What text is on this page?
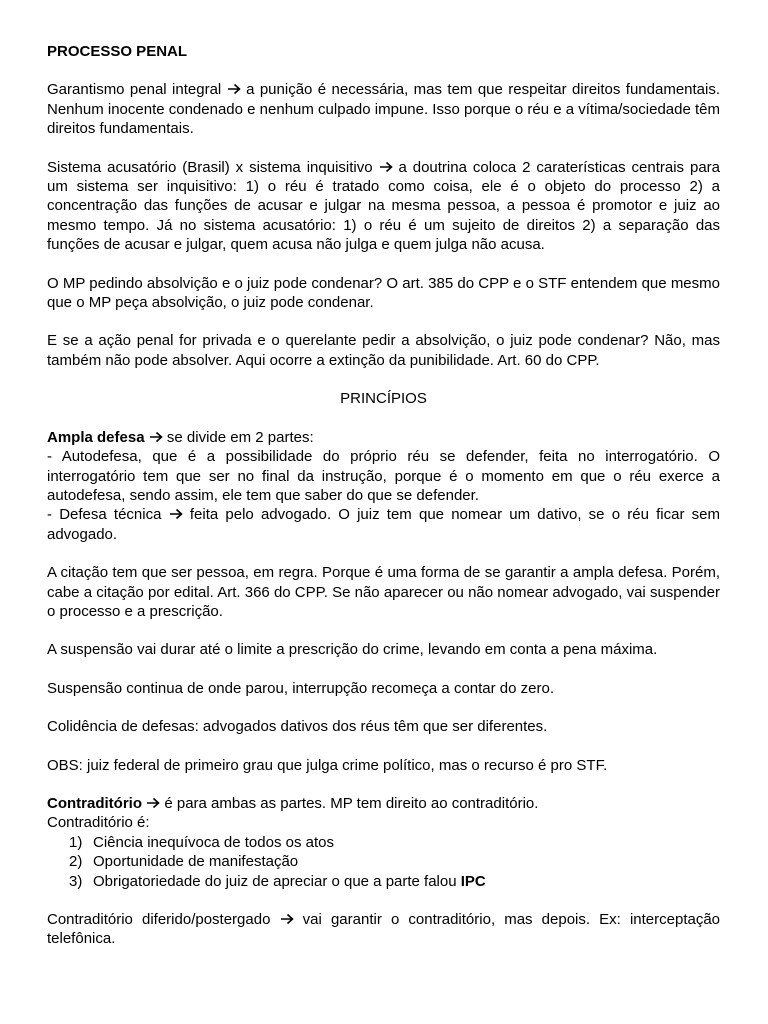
PROCESSO PENAL

Garantismo penal integral a punição é necessária, mas tem que respeitar direitos fundamentais. Nenhum inocente condenado e nenhum culpado impune. Isso porque o réu e a vítima/sociedade têm direitos fundamentais.

Sistema acusatório (Brasil) x sistema inquisitivo a doutrina coloca 2 caraterísticas centrais para um sistema ser inquisitivo: 1) o réu é tratado como coisa, ele é o objeto do processo 2) a concentração das funções de acusar e julgar na mesma pessoa, a pessoa é promotor e juiz ao mesmo tempo. Já no sistema acusatório: 1) o réu é um sujeito de direitos 2) a separação das funções de acusar e julgar, quem acusa não julga e quem julga não acusa.

O MP pedindo absolvição e o juiz pode condenar? O art. 385 do CPP e o STF entendem que mesmo que o MP peça absolvição, o juiz pode condenar.

E se a ação penal for privada e o querelante pedir a absolvição, o juiz pode condenar? Não, mas também não pode absolver. Aqui ocorre a extinção da punibilidade. Art. 60 do CPP.

PRINCÍPIOS

Ampla defesa se divide em 2 partes:

- Autodefesa, que é a possibilidade do próprio réu se defender, feita no interrogatório. O interrogatório tem que ser no final da instrução, porque é o momento em que o réu exerce a autodefesa, sendo assim, ele tem que saber do que se defender.

- Defesa técnica feita pelo advogado. O juiz tem que nomear um dativo, se o réu ficar sem advogado.

A citação tem que ser pessoa, em regra. Porque é uma forma de se garantir a ampla defesa. Porém, cabe a citação por edital. Art. 366 do CPP. Se não aparecer ou não nomear advogado, vai suspender o processo e a prescrição.

A suspensão vai durar até o limite a prescrição do crime, levando em conta a pena máxima.

Suspensão continua de onde parou, interrupção recomeça a contar do zero.

Colidência de defesas: advogados dativos dos réus têm que ser diferentes.

OBS: juiz federal de primeiro grau que julga crime político, mas o recurso é pro STF.

Contraditório é para ambas as partes. MP tem direito ao contraditório.

Contraditório é:

1) Ciência inequívoca de todos os atos
2) Oportunidade de manifestação
3) Obrigatoriedade do juiz de apreciar o que a parte falou IPC

Contraditório diferido/postergado vai garantir o contraditório, mas depois. Ex: interceptação telefônica.
